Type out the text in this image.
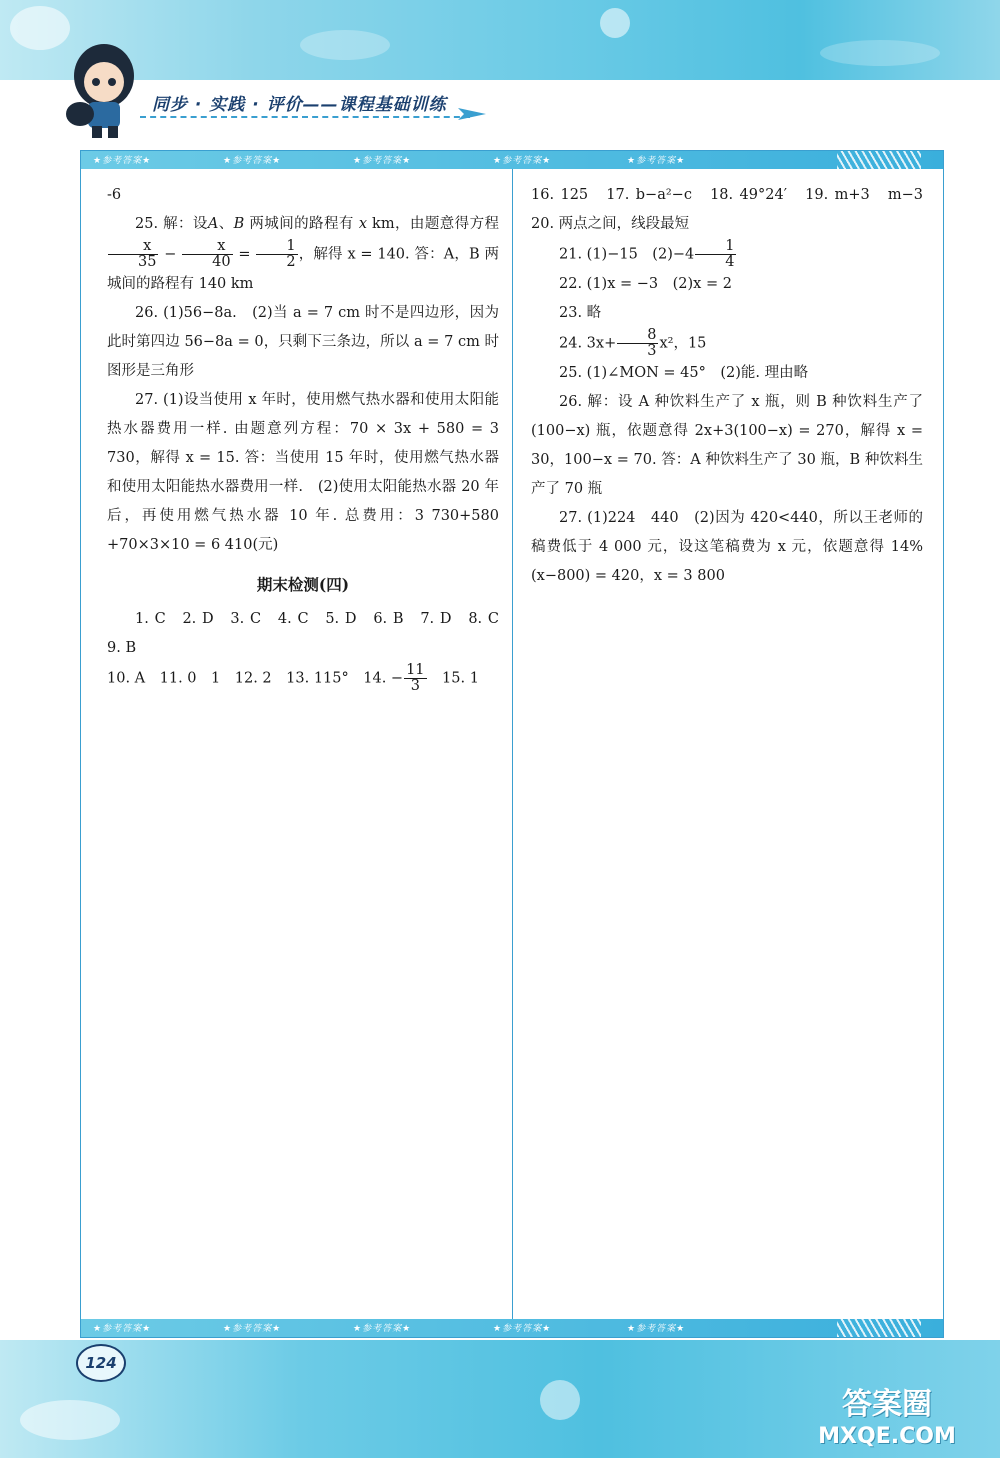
同步 · 实践 · 评价——课程基础训练
★参考答案★	★参考答案★	★参考答案★	★参考答案★	★参考答案★

-6

25. 解：设A、B 两城间的路程有 x km，由题意得方程
$\frac{x}{35} - \frac{x}{40} = \frac{1}{2}$ ，解得 x = 140. 答：A，B 两城间的路程有 140 km

26. (1)56−8a.　(2)当 a = 7 cm 时不是四边形，因为此时第四边 56−8a = 0，只剩下三条边，所以 a = 7 cm 时图形是三角形

27. (1)设当使用 x 年时，使用燃气热水器和使用太阳能热水器费用一样. 由题意列方程：70 × 3x + 580 = 3 730，解得 x = 15. 答：当使用 15 年时，使用燃气热水器和使用太阳能热水器费用一样.　(2)使用太阳能热水器 20 年后，再使用燃气热水器 10 年. 总费用：3 730+580 +70×3×10 = 6 410(元)

期末检测(四)

1. C　2. D　3. C　4. C　5. D　6. B　7. D　8. C　9. B

10. A　11. 0　1　12. 2　13. 115°　14. − $\frac{11}{3}$ 　15. 1

16. 125　17. b−a²−c　18. 49°24′　19. m+3　m−3　20. 两点之间，线段最短

21. (1)−15　$(2)-4 \frac{1}{4}$

22. (1)x = −3　(2)x = 2

23. 略

24. $3x+ \frac{8}{3} x^2$，15

25. (1)∠MON = 45°　(2)能. 理由略

26. 解：设 A 种饮料生产了 x 瓶，则 B 种饮料生产了 (100−x) 瓶，依题意得 2x+3(100−x) = 270，解得 x = 30，100−x = 70. 答：A 种饮料生产了 30 瓶，B 种饮料生产了 70 瓶

27. (1)224　440　(2)因为 420<440，所以王老师的稿费低于 4 000 元，设这笔稿费为 x 元，依题意得 14%(x−800) = 420，x = 3 800

★参考答案★	★参考答案★	★参考答案★	★参考答案★	★参考答案★
124
答案圈
MXQE.COM
